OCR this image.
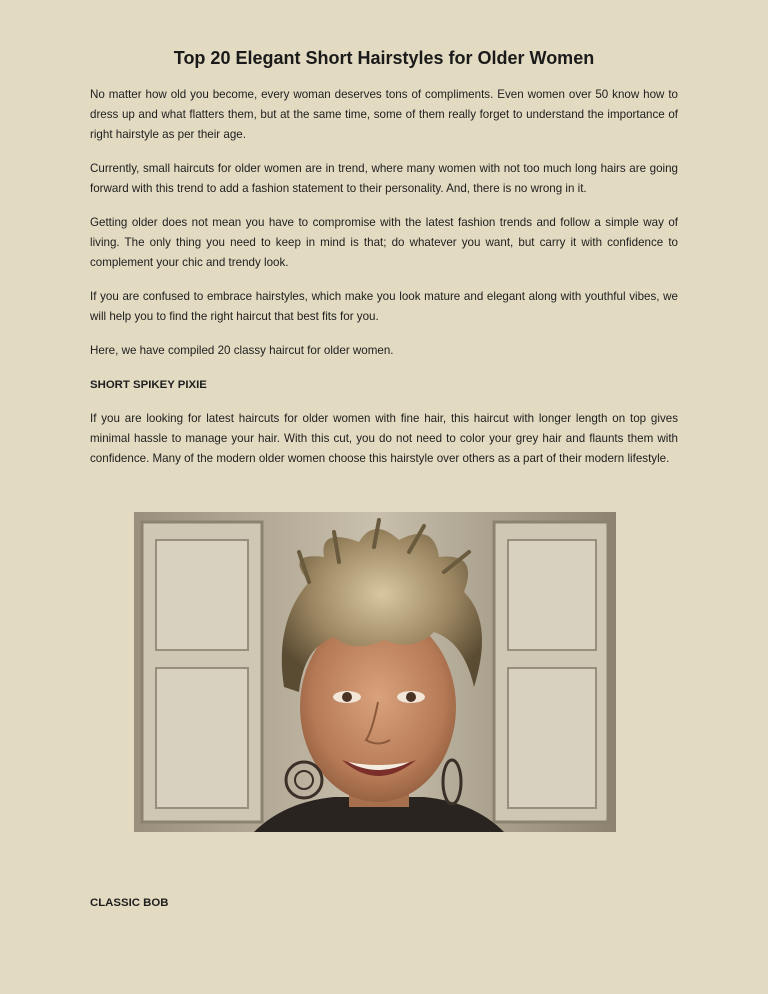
Top 20 Elegant Short Hairstyles for Older Women

No matter how old you become, every woman deserves tons of compliments. Even women over 50 know how to dress up and what flatters them, but at the same time, some of them really forget to understand the importance of right hairstyle as per their age.

Currently, small haircuts for older women are in trend, where many women with not too much long hairs are going forward with this trend to add a fashion statement to their personality. And, there is no wrong in it.

Getting older does not mean you have to compromise with the latest fashion trends and follow a simple way of living. The only thing you need to keep in mind is that; do whatever you want, but carry it with confidence to complement your chic and trendy look.

If you are confused to embrace hairstyles, which make you look mature and elegant along with youthful vibes, we will help you to find the right haircut that best fits for you.

Here, we have compiled 20 classy haircut for older women.

SHORT SPIKEY PIXIE

If you are looking for latest haircuts for older women with fine hair, this haircut with longer length on top gives minimal hassle to manage your hair. With this cut, you do not need to color your grey hair and flaunts them with confidence. Many of the modern older women choose this hairstyle over others as a part of their modern lifestyle.

CLASSIC BOB
